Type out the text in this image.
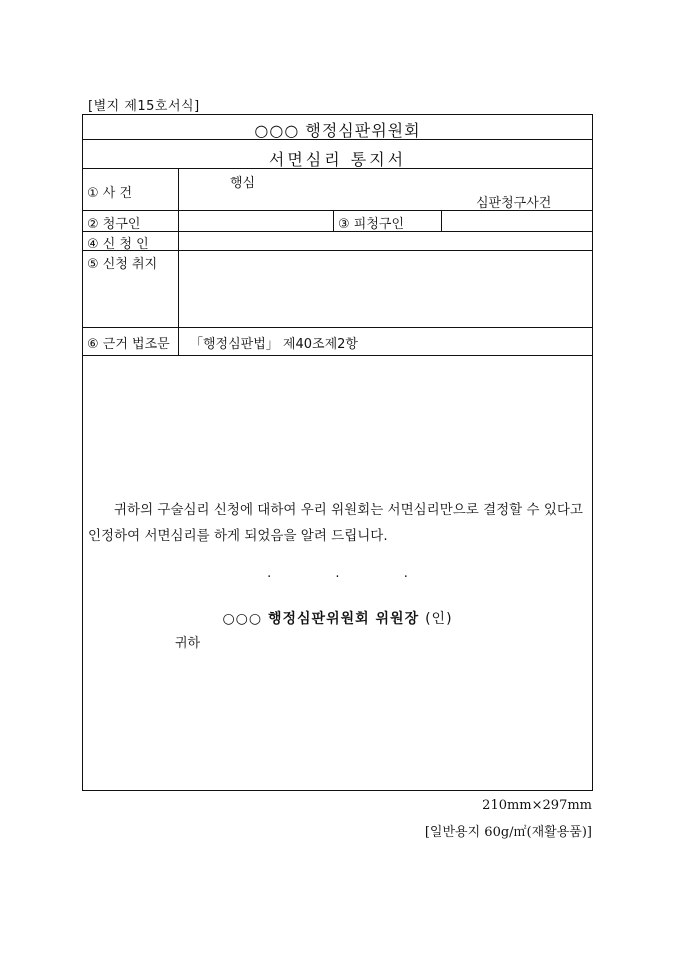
[별지 제15호서식]
○○○ 행정심판위원회
서면심리 통지서
① 사 건
행심
심판청구사건
② 청구인	③ 피청구인
④ 신 청 인
⑤ 신청 취지
⑥ 근거 법조문 「행정심판법」 제40조제2항
귀하의 구술심리 신청에 대하여 우리 위원회는 서면심리만으로 결정할 수 있다고 인정하여 서면심리를 하게 되었음을 알려 드립니다.
.	.	.
○○○ 행정심판위원회 위원장 (인)
귀하
210mm×297mm
[일반용지 60g/㎡(재활용품)]
